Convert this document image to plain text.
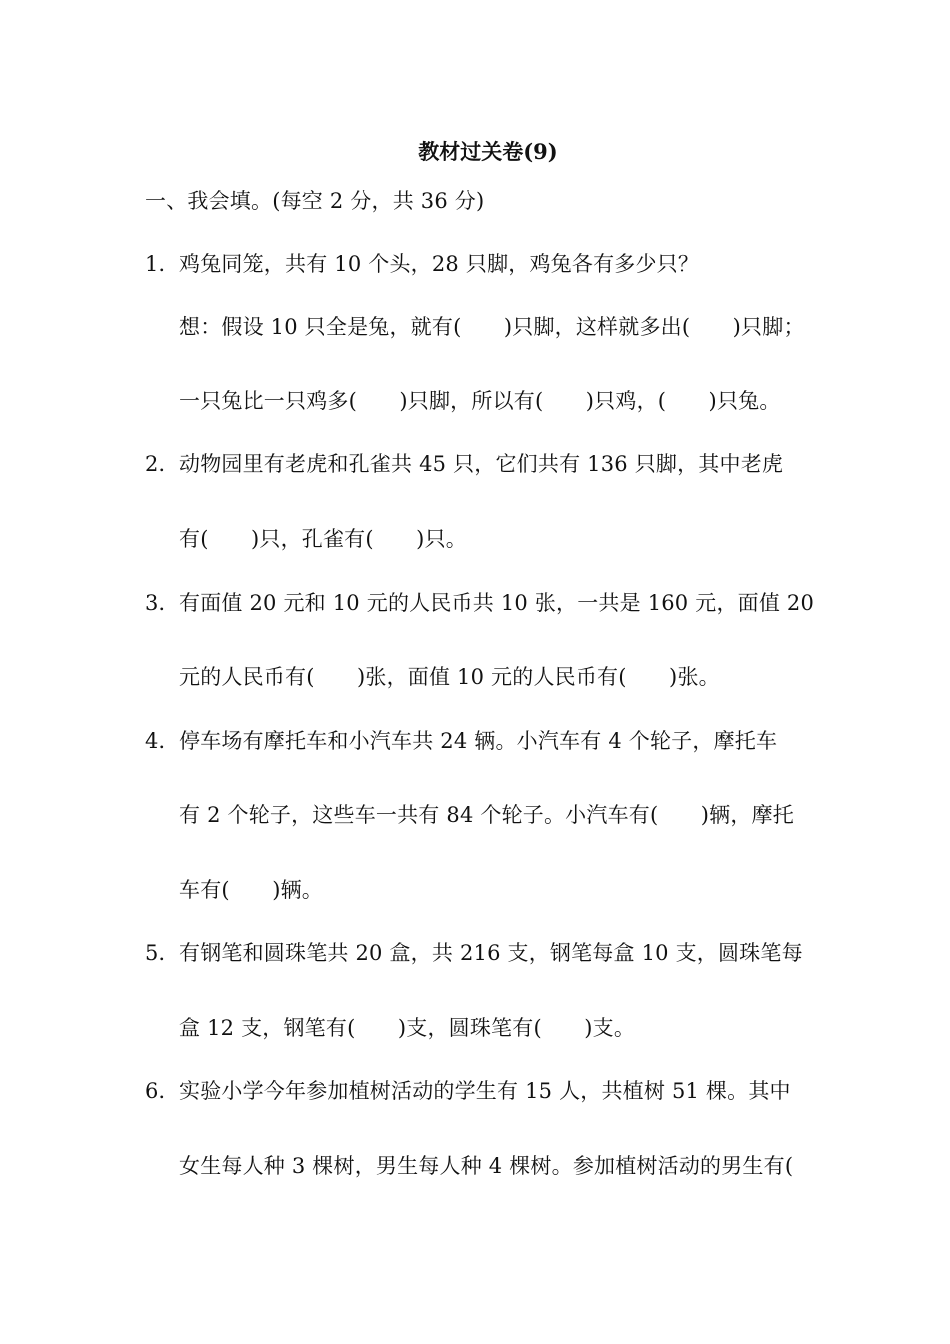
教材过关卷(9)
一、我会填。(每空 2 分，共 36 分)
1．鸡兔同笼，共有 10 个头，28 只脚，鸡兔各有多少只？
想：假设 10 只全是兔，就有(　　)只脚，这样就多出(　　)只脚；
一只兔比一只鸡多(　　)只脚，所以有(　　)只鸡，(　　)只兔。
2．动物园里有老虎和孔雀共 45 只，它们共有 136 只脚，其中老虎
有(　　)只，孔雀有(　　)只。
3．有面值 20 元和 10 元的人民币共 10 张，一共是 160 元，面值 20
元的人民币有(　　)张，面值 10 元的人民币有(　　)张。
4．停车场有摩托车和小汽车共 24 辆。小汽车有 4 个轮子，摩托车
有 2 个轮子，这些车一共有 84 个轮子。小汽车有(　　)辆，摩托
车有(　　)辆。
5．有钢笔和圆珠笔共 20 盒，共 216 支，钢笔每盒 10 支，圆珠笔每
盒 12 支，钢笔有(　　)支，圆珠笔有(　　)支。
6．实验小学今年参加植树活动的学生有 15 人，共植树 51 棵。其中
女生每人种 3 棵树，男生每人种 4 棵树。参加植树活动的男生有(
